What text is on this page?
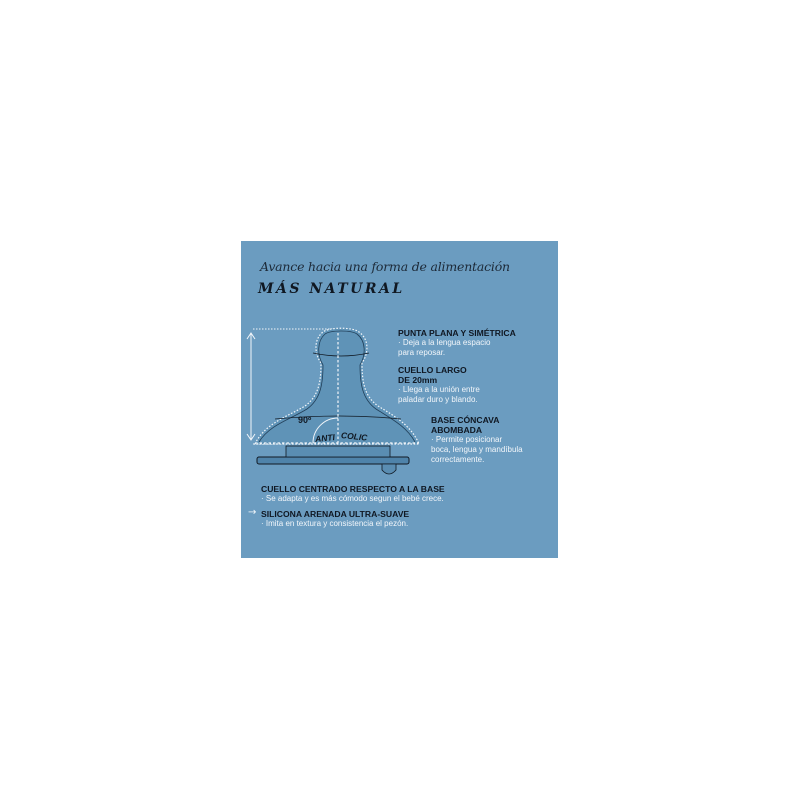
Avance hacia una forma de alimentación
MÁS NATURAL
90º
ANTI COLIC
PUNTA PLANA Y SIMÉTRICA
· Deja a la lengua espacio
para reposar.
CUELLO LARGO
DE 20mm
· Llega a la unión entre
paladar duro y blando.
BASE CÓNCAVA
ABOMBADA
· Permite posicionar
boca, lengua y mandíbula
correctamente.
CUELLO CENTRADO RESPECTO A LA BASE
· Se adapta y es más cómodo segun el bebé crece.
→ SILICONA ARENADA ULTRA-SUAVE
· Imita en textura y consistencia el pezón.
